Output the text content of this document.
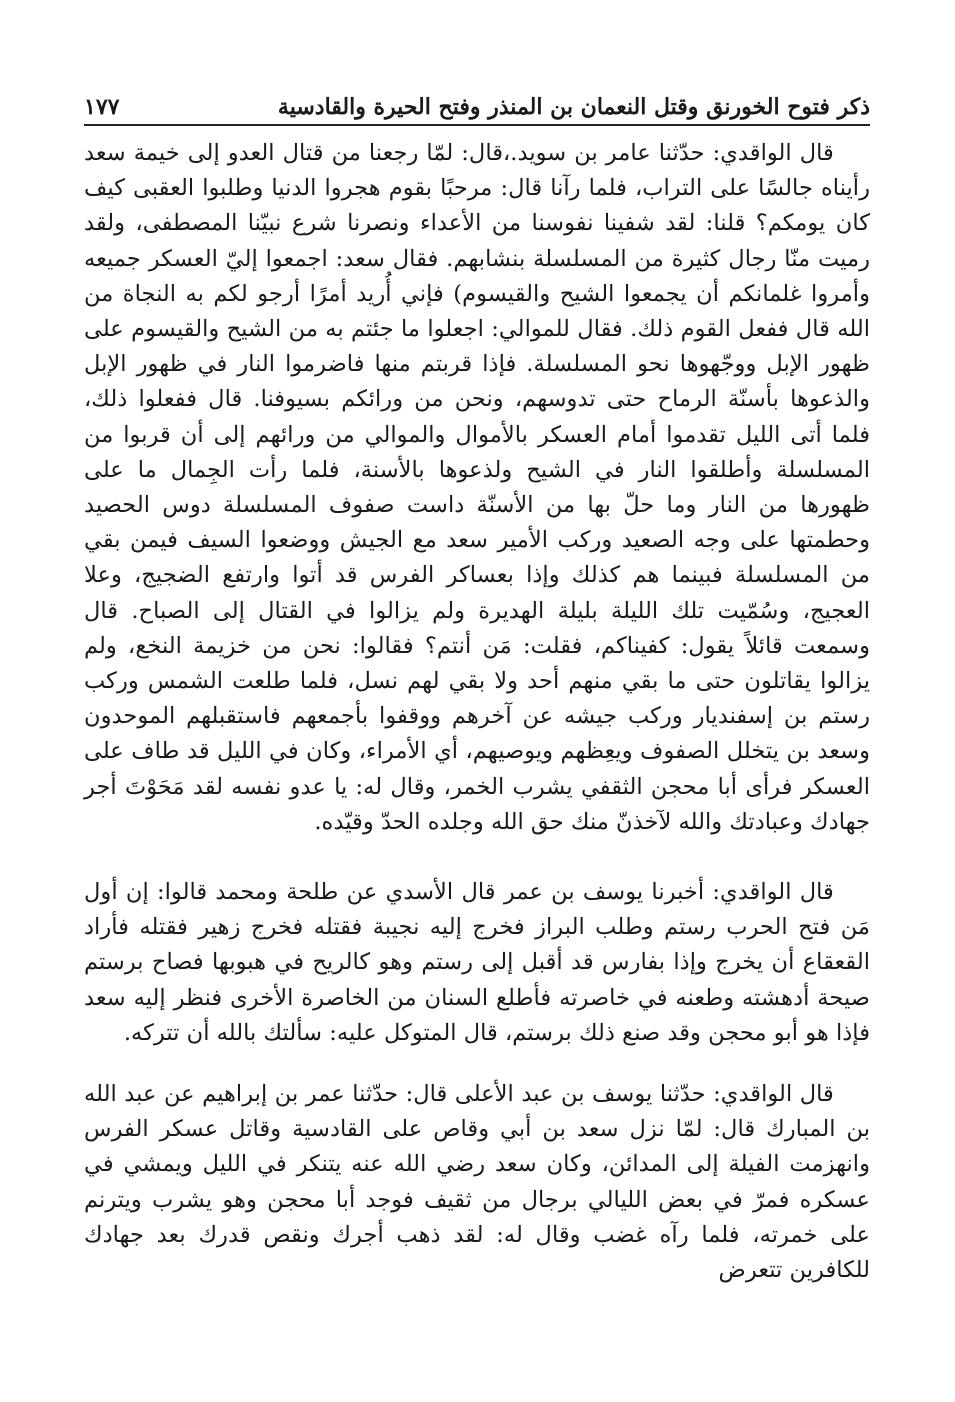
ذكر فتوح الخورنق وقتل النعمان بن المنذر وفتح الحيرة والقادسية
١٧٧

قال الواقدي: حدّثنا عامر بن سويد.،قال: لمّا رجعنا من قتال العدو إلى خيمة سعد رأيناه جالسًا على التراب، فلما رآنا قال: مرحبًا بقوم هجروا الدنيا وطلبوا العقبى كيف كان يومكم؟ قلنا: لقد شفينا نفوسنا من الأعداء ونصرنا شرع نبيّنا المصطفى، ولقد رميت منّا رجال كثيرة من المسلسلة بنشابهم. فقال سعد: اجمعوا إليّ العسكر جميعه وأمروا غلمانكم أن يجمعوا الشيح والقيسوم) فإني أُريد أمرًا أرجو لكم به النجاة من الله قال ففعل القوم ذلك. فقال للموالي: اجعلوا ما جئتم به من الشيح والقيسوم على ظهور الإبل ووجّهوها نحو المسلسلة. فإذا قربتم منها فاضرموا النار في ظهور الإبل والذعوها بأسنّة الرماح حتى تدوسهم، ونحن من ورائكم بسيوفنا. قال ففعلوا ذلك، فلما أتى الليل تقدموا أمام العسكر بالأموال والموالي من ورائهم إلى أن قربوا من المسلسلة وأطلقوا النار في الشيح ولذعوها بالأسنة، فلما رأت الجِمال ما على ظهورها من النار وما حلّ بها من الأسنّة داست صفوف المسلسلة دوس الحصيد وحطمتها على وجه الصعيد وركب الأمير سعد مع الجيش ووضعوا السيف فيمن بقي من المسلسلة فبينما هم كذلك وإذا بعساكر الفرس قد أتوا وارتفع الضجيج، وعلا العجيج، وسُمّيت تلك الليلة بليلة الهديرة ولم يزالوا في القتال إلى الصباح. قال وسمعت قائلاً يقول: كفيناكم، فقلت: مَن أنتم؟ فقالوا: نحن من خزيمة النخع، ولم يزالوا يقاتلون حتى ما بقي منهم أحد ولا بقي لهم نسل، فلما طلعت الشمس وركب رستم بن إسفنديار وركب جيشه عن آخرهم ووقفوا بأجمعهم فاستقبلهم الموحدون وسعد بن يتخلل الصفوف ويعِظهم ويوصيهم، أي الأمراء، وكان في الليل قد طاف على العسكر فرأى أبا محجن الثقفي يشرب الخمر، وقال له: يا عدو نفسه لقد مَحَوْتَ أجر جهادك وعبادتك والله لآخذنّ منك حق الله وجلده الحدّ وقيّده.

قال الواقدي: أخبرنا يوسف بن عمر قال الأسدي عن طلحة ومحمد قالوا: إن أول مَن فتح الحرب رستم وطلب البراز فخرج إليه نجيبة فقتله فخرج زهير فقتله فأراد القعقاع أن يخرج وإذا بفارس قد أقبل إلى رستم وهو كالريح في هبوبها فصاح برستم صيحة أدهشته وطعنه في خاصرته فأطلع السنان من الخاصرة الأخرى فنظر إليه سعد فإذا هو أبو محجن وقد صنع ذلك برستم، قال المتوكل عليه: سألتك بالله أن تتركه.

قال الواقدي: حدّثنا يوسف بن عبد الأعلى قال: حدّثنا عمر بن إبراهيم عن عبد الله بن المبارك قال: لمّا نزل سعد بن أبي وقاص على القادسية وقاتل عسكر الفرس وانهزمت الفيلة إلى المدائن، وكان سعد رضي الله عنه يتنكر في الليل ويمشي في عسكره فمرّ في بعض الليالي برجال من ثقيف فوجد أبا محجن وهو يشرب ويترنم على خمرته، فلما رآه غضب وقال له: لقد ذهب أجرك ونقص قدرك بعد جهادك للكافرين تتعرض
